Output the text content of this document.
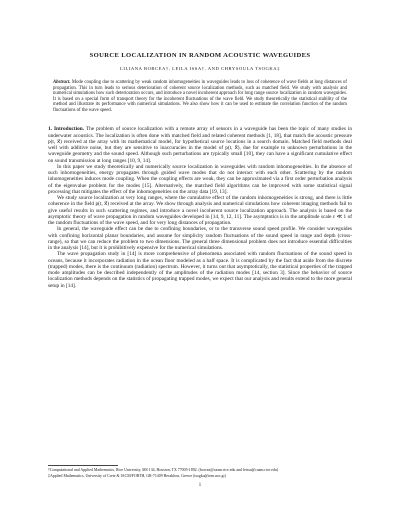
SOURCE LOCALIZATION IN RANDOM ACOUSTIC WAVEGUIDES
LILIANA BORCEA†, LEILA ISSA†, AND CHRYSOULA TSOGKA‡
Abstract. Mode coupling due to scattering by weak random inhomogeneities in waveguides leads to loss of coherence of wave fields at long distances of propagation. This in turn leads to serious deterioration of coherent source localization methods, such as matched field. We study with analysis and numerical simulations how such deterioration occurs, and introduce a novel incoherent approach for long range source localization in random waveguides. It is based on a special form of transport theory for the incoherent fluctuations of the wave field. We study theoretically the statistical stability of the method and illustrate its performance with numerical simulations. We also show how it can be used to estimate the correlation function of the random fluctuations of the wave speed.

1. Introduction. The problem of source localization with a remote array of sensors in a waveguide has been the topic of many studies in underwater acoustics. The localization is often done with matched field and related coherent methods [1, 18], that match the acoustic pressure p(t, x⃗) received at the array with its mathematical model, for hypothetical source locations in a search domain. Matched field methods deal well with additive noise, but they are sensitive to inaccuracies in the model of p(t, x⃗), due for example to unknown perturbations in the waveguide geometry and the sound speed. Although such perturbations are typically small [10], they can have a significant cumulative effect on sound transmission at long ranges [10, 9, 14].

In this paper we study theoretically and numerically source localization in waveguides with random inhomogeneities. In the absence of such inhomogeneities, energy propagates through guided wave modes that do not interact with each other. Scattering by the random inhomogeneities induces mode coupling. When the coupling effects are weak, they can be approximated via a first order perturbation analysis of the eigenvalue problem for the modes [15]. Alternatively, the matched field algorithms can be improved with some statistical signal processing that mitigates the effect of the inhomogeneities on the array data [19, 13].

We study source localization at very long ranges, where the cumulative effect of the random inhomogeneities is strong, and there is little coherence in the field p(t, x⃗) received at the array. We show through analysis and numerical simulations how coherent imaging methods fail to give useful results in such scattering regimes, and introduce a novel incoherent source localization approach. The analysis is based on the asymptotic theory of wave propagation in random waveguides developed in [14, 9, 12, 11]. The asymptotics is in the amplitude scale ε ≪ 1 of the random fluctuations of the wave speed, and for very long distances of propagation.

In general, the waveguide effect can be due to confining boundaries, or to the transverse sound speed profile. We consider waveguides with confining horizontal planar boundaries, and assume for simplicity random fluctuations of the sound speed in range and depth (cross-range), so that we can reduce the problem to two dimensions. The general three dimensional problem does not introduce essential difficulties in the analysis [14], but it is prohibitively expensive for the numerical simulations.

The wave propagation study in [14] is more comprehensive of phenomena associated with random fluctuations of the sound speed in oceans, because it incorporates radiation in the ocean floor modeled as a half space. It is complicated by the fact that aside from the discrete (trapped) modes, there is the continuum (radiation) spectrum. However, it turns out that asymptotically, the statistical properties of the trapped mode amplitudes can be described independently of the amplitudes of the radiation modes [14, section 3]. Since the behavior of source localization methods depends on the statistics of propagating trapped modes, we expect that our analysis and results extend to the more general setup in [14].

†Computational and Applied Mathematics, Rice University, MS 134, Houston, TX 77005-1892. (borcea@caam.rice.edu and leissa@caam.rice.edu)

‡Applied Mathematics, University of Crete & IACM/FORTH, GR-71409 Heraklion, Greece (tsogka@tem.uoc.gr)

1
